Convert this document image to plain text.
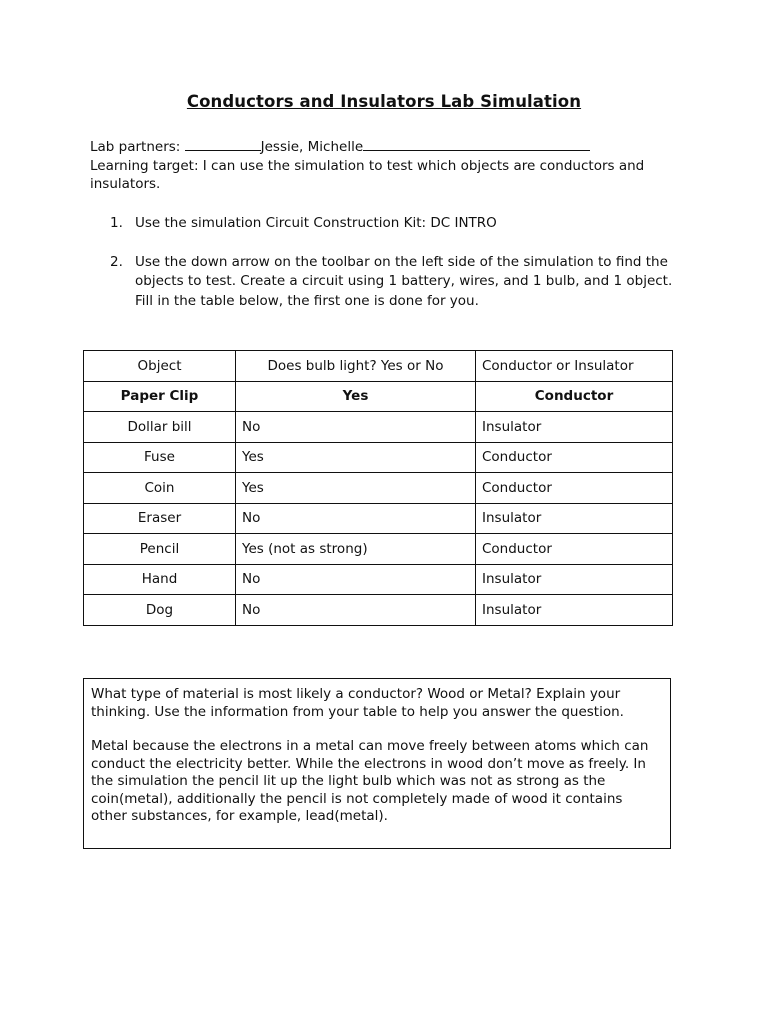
Conductors and Insulators Lab Simulation
Lab partners:	Jessie, Michelle
Learning target: I can use the simulation to test which objects are conductors and insulators.
1. Use the simulation Circuit Construction Kit: DC INTRO
2. Use the down arrow on the toolbar on the left side of the simulation to find the objects to test. Create a circuit using 1 battery, wires, and 1 bulb, and 1 object. Fill in the table below, the first one is done for you.
Object	Does bulb light? Yes or No	Conductor or Insulator
Paper Clip	Yes	Conductor
Dollar bill	No	Insulator
Fuse	Yes	Conductor
Coin	Yes	Conductor
Eraser	No	Insulator
Pencil	Yes (not as strong)	Conductor
Hand	No	Insulator
Dog	No	Insulator

What type of material is most likely a conductor? Wood or Metal? Explain your thinking. Use the information from your table to help you answer the question.

Metal because the electrons in a metal can move freely between atoms which can conduct the electricity better. While the electrons in wood don’t move as freely. In the simulation the pencil lit up the light bulb which was not as strong as the coin(metal), additionally the pencil is not completely made of wood it contains other substances, for example, lead(metal).
